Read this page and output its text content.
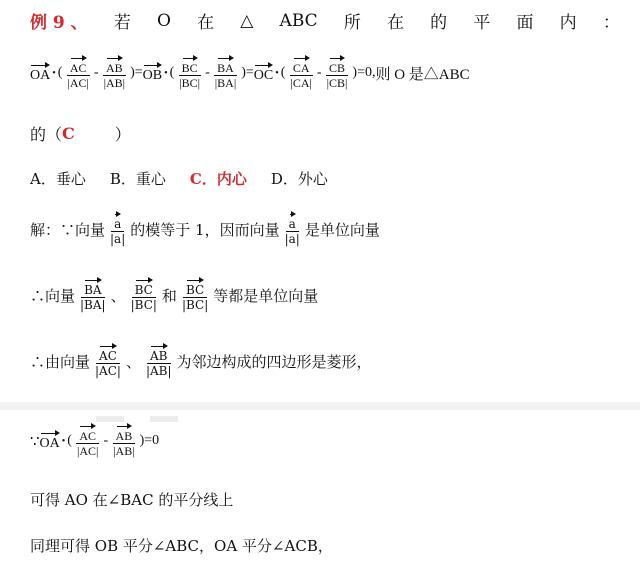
例 9 、 若 O 在 △ ABC 所 在 的 平 面 内 ：
OA • ( $\frac{AC}{|AC|} - \frac{AB}{|AB|}$ )= OB • ( $\frac{BC}{|BC|} - \frac{BA}{|BA|}$ )= OC • ( $\frac{CA}{|CA|} - \frac{CB}{|CB|} )=0$, 则 O 是△ABC
的（ C	）
A．垂心 B．重心 C．内心 D．外心
解：∵向量 $\frac{a}{|a|}$ 的模等于 1，因而向量 $\frac{a}{|a|}$ 是单位向量
∴向量 $\frac{BA}{|BA|}$ 、 $\frac{BC}{|BC|}$ 和 $\frac{BC}{|BC|}$ 等都是单位向量
∴由向量 $\frac{AC}{|AC|}$ 、 $\frac{AB}{|AB|}$ 为邻边构成的四边形是菱形，
∵ OA • ( $\frac{AC}{|AC|} - \frac{AB}{|AB|} )=0$
可得 AO 在∠BAC 的平分线上
同理可得 OB 平分∠ABC，OA 平分∠ACB，
